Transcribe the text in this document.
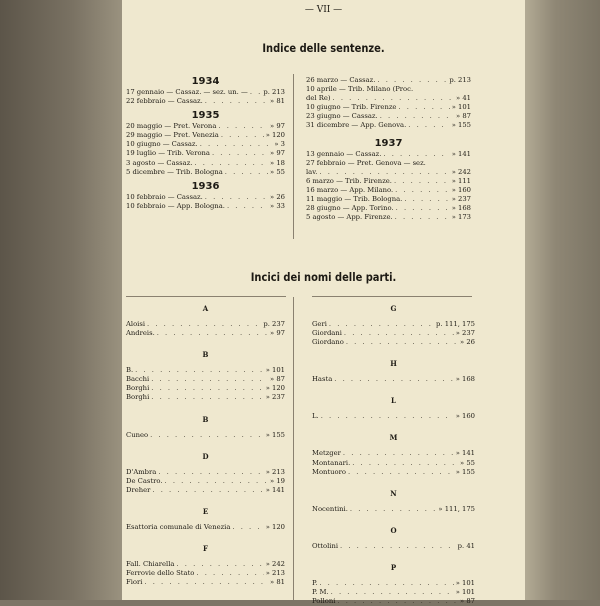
— VII —
Indice delle sentenze.
1934
17 gennaio — Cassaz. — sez. un. — . . . p. 213
22 febbraio — Cassaz. . . .	» 81
1935
20 maggio — Pret. Verona . . .	» 97
29 maggio — Pret. Venezia . . .	» 120
10 giugno — Cassaz. . . .	» 3
19 luglio — Trib. Verona . . .	» 97
3 agosto — Cassaz. . . .	» 18
5 dicembre — Trib. Bologna . . .	» 55
1936
10 febbraio — Cassaz. . . .	» 26
10 febbraio — App. Bologna. . . .	» 33
26 marzo — Cassaz. . . .	p. 213
10 aprile — Trib. Milano (Proc.
del Re) . . .	» 41
10 giugno — Trib. Firenze . . .	» 101
23 giugno — Cassaz. . . .	» 87
31 dicembre — App. Genova. . . .	» 155
1937
13 gennaio — Cassaz. . . .	» 141
27 febbraio — Pret. Genova — sez.
lav. . . .	» 242
6 marzo — Trib. Firenze. . . .	» 111
16 marzo — App. Milano. . . .	» 160
11 maggio — Trib. Bologna. . . .	» 237
28 giugno — App. Torino. . . .	» 168
5 agosto — App. Firenze. . . .	» 173
Incici dei nomi delle parti.
A
Aloisi . . .	p. 237
Andreis. . . .	» 97
B
B. . . .	» 101
Bacchi . . .	» 87
Borghi . . .	» 120
Borghi . . .	» 237
B
Cuneo . . .	» 155
D
D'Ambra . . .	» 213
De Castro. . . .	» 19
Dreher . . .	» 141
E
Esattoria comunale di Venezia . . .	» 120
F
Fall. Chiarella . . .	» 242
Ferrovie dello Stato . . .	» 213
Fiori . . .	» 81
G
Geri . . .	p. 111, 175
Giordani . . .	» 237
Giordano . . .	» 26
H
Hasta . . .	» 168
L
L. . . .	» 160
M
Metzger . . .	» 141
Montanari. . . .	» 55
Montuoro . . .	» 155
N
Nocentini. . . .	» 111, 175
O
Ottolini . . .	p. 41
P
P. . . .	» 101
P. M. . . .	» 101
Polloni . . .	» 87
